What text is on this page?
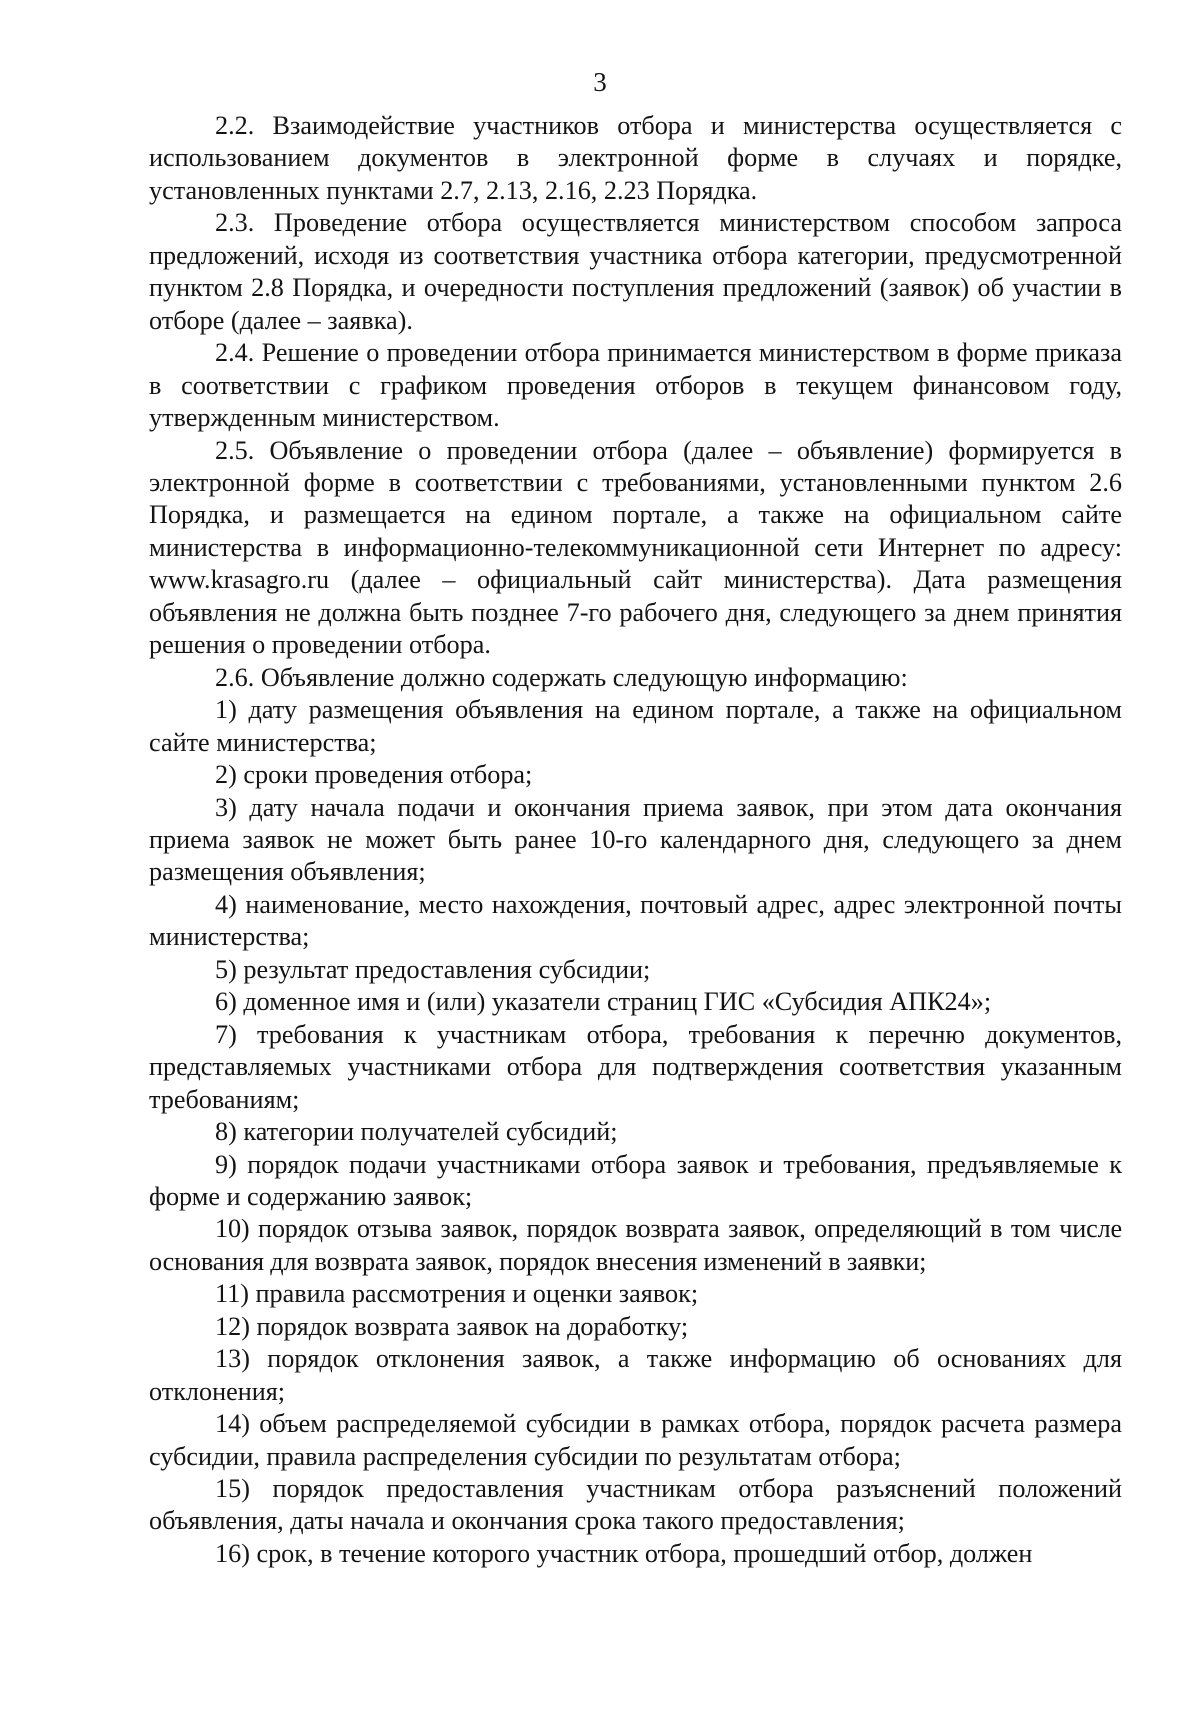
3

2.2. Взаимодействие участников отбора и министерства осуществляется с использованием документов в электронной форме в случаях и порядке, установленных пунктами 2.7, 2.13, 2.16, 2.23 Порядка.

2.3. Проведение отбора осуществляется министерством способом запроса предложений, исходя из соответствия участника отбора категории, предусмотренной пунктом 2.8 Порядка, и очередности поступления предложений (заявок) об участии в отборе (далее – заявка).

2.4. Решение о проведении отбора принимается министерством в форме приказа в соответствии с графиком проведения отборов в текущем финансовом году, утвержденным министерством.

2.5. Объявление о проведении отбора (далее – объявление) формируется в электронной форме в соответствии с требованиями, установленными пунктом 2.6 Порядка, и размещается на едином портале, а также на официальном сайте министерства в информационно-телекоммуникационной сети Интернет по адресу: www.krasagro.ru (далее – официальный сайт министерства). Дата размещения объявления не должна быть позднее 7-го рабочего дня, следующего за днем принятия решения о проведении отбора.

2.6. Объявление должно содержать следующую информацию:

1) дату размещения объявления на едином портале, а также на официальном сайте министерства;

2) сроки проведения отбора;

3) дату начала подачи и окончания приема заявок, при этом дата окончания приема заявок не может быть ранее 10-го календарного дня, следующего за днем размещения объявления;

4) наименование, место нахождения, почтовый адрес, адрес электронной почты министерства;

5) результат предоставления субсидии;

6) доменное имя и (или) указатели страниц ГИС «Субсидия АПК24»;

7) требования к участникам отбора, требования к перечню документов, представляемых участниками отбора для подтверждения соответствия указанным требованиям;

8) категории получателей субсидий;

9) порядок подачи участниками отбора заявок и требования, предъявляемые к форме и содержанию заявок;

10) порядок отзыва заявок, порядок возврата заявок, определяющий в том числе основания для возврата заявок, порядок внесения изменений в заявки;

11) правила рассмотрения и оценки заявок;

12) порядок возврата заявок на доработку;

13) порядок отклонения заявок, а также информацию об основаниях для отклонения;

14) объем распределяемой субсидии в рамках отбора, порядок расчета размера субсидии, правила распределения субсидии по результатам отбора;

15) порядок предоставления участникам отбора разъяснений положений объявления, даты начала и окончания срока такого предоставления;

16) срок, в течение которого участник отбора, прошедший отбор, должен
